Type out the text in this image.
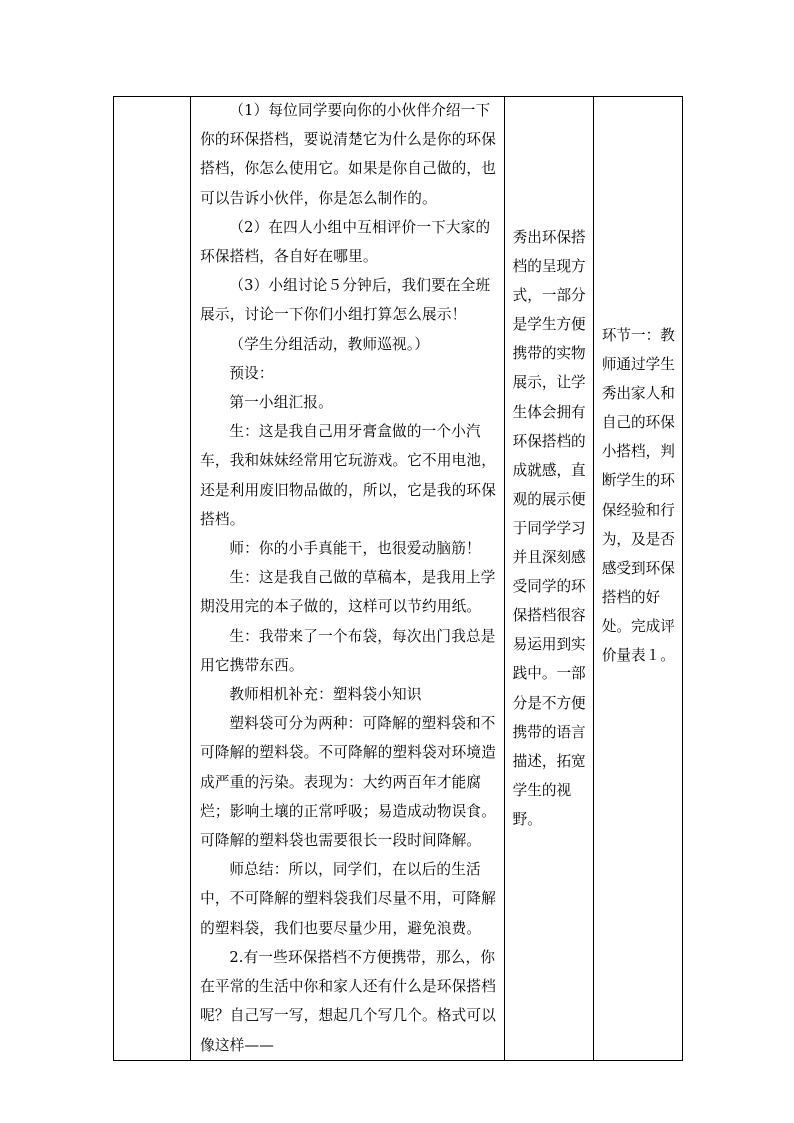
（1）每位同学要向你的小伙伴介绍一下你的环保搭档，要说清楚它为什么是你的环保搭档，你怎么使用它。如果是你自己做的，也可以告诉小伙伴，你是怎么制作的。

（2）在四人小组中互相评价一下大家的环保搭档，各自好在哪里。

（3）小组讨论５分钟后，我们要在全班展示，讨论一下你们小组打算怎么展示！

（学生分组活动，教师巡视。）

预设：

第一小组汇报。

生：这是我自己用牙膏盒做的一个小汽车，我和妹妹经常用它玩游戏。它不用电池，还是利用废旧物品做的，所以，它是我的环保搭档。

师：你的小手真能干，也很爱动脑筋！

生：这是我自己做的草稿本，是我用上学期没用完的本子做的，这样可以节约用纸。

生：我带来了一个布袋，每次出门我总是用它携带东西。

教师相机补充：塑料袋小知识

塑料袋可分为两种：可降解的塑料袋和不可降解的塑料袋。不可降解的塑料袋对环境造成严重的污染。表现为：大约两百年才能腐烂；影响土壤的正常呼吸；易造成动物误食。可降解的塑料袋也需要很长一段时间降解。

师总结：所以，同学们，在以后的生活中，不可降解的塑料袋我们尽量不用，可降解的塑料袋，我们也要尽量少用，避免浪费。

2.有一些环保搭档不方便携带，那么，你在平常的生活中你和家人还有什么是环保搭档呢？自己写一写，想起几个写几个。格式可以像这样——

秀出环保搭档的呈现方式，一部分是学生方便携带的实物展示，让学生体会拥有环保搭档的成就感，直观的展示便于同学学习并且深刻感受同学的环保搭档很容易运用到实践中。一部分是不方便携带的语言描述，拓宽学生的视野。

环节一：教师通过学生秀出家人和自己的环保小搭档，判断学生的环保经验和行为，及是否感受到环保搭档的好处。完成评价量表１。
